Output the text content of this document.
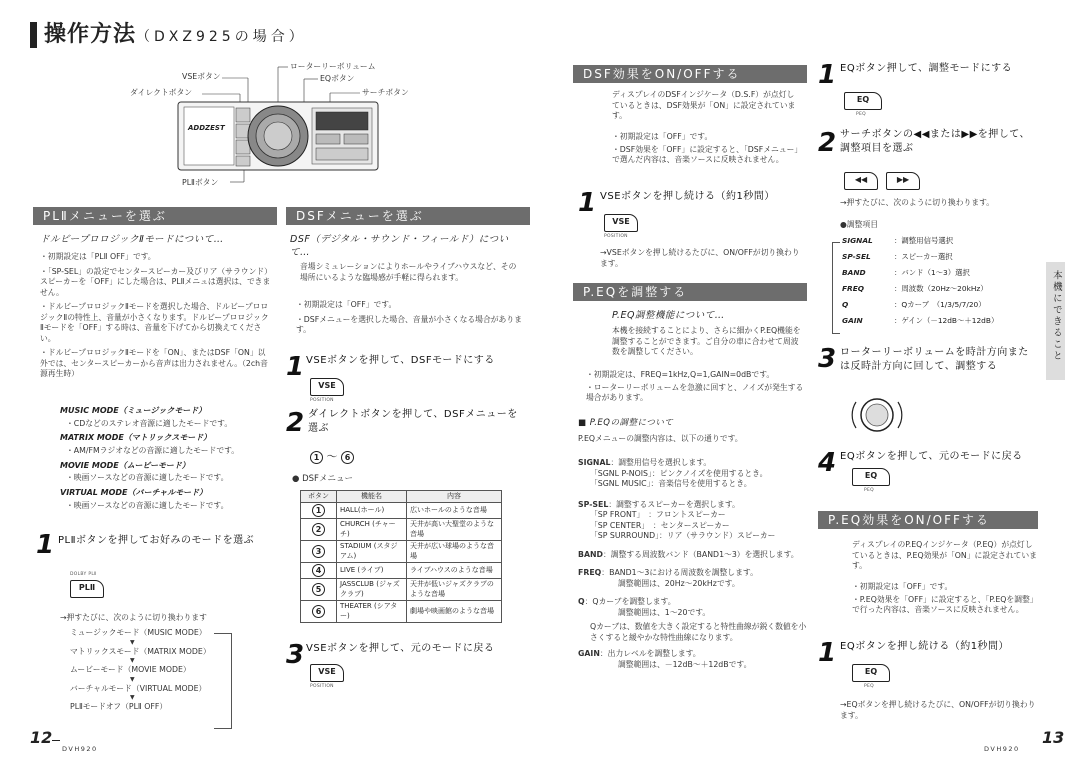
操作方法（DXZ925の場合）
VSEボタン
ダイレクトボタン
ローターリーボリューム
EQボタン
サーチボタン
PLⅡボタン
ADDZEST
PLⅡメニューを選ぶ
ドルビープロロジックⅡモードについて…
・初期設定は「PLⅡ OFF」です。
・「SP-SEL」の設定でセンタースピーカー及びリア（サラウンド）スピーカーを「OFF」にした場合は、PLⅡメニュは選択は、できません。
・ドルビープロロジックⅡモードを選択した場合、ドルビープロロジックⅡの特性上、音量が小さくなります。ドルビープロロジックⅡモードを「OFF」する時は、音量を下げてから切換えてください。
・ドルビープロロジックⅡモードを「ON」、またはDSF「ON」以外では、センタースピーカーから音声は出力されません。（2ch音源再生時）
MUSIC MODE（ミュージックモード）
・CDなどのステレオ音源に適したモードです。
MATRIX MODE（マトリックスモード）
・AM/FMラジオなどの音源に適したモードです。
MOVIE MODE（ムービーモード）
・映画ソースなどの音源に適したモードです。
VIRTUAL MODE（バーチャルモード）
・映画ソースなどの音源に適したモードです。
1 PLⅡボタンを押してお好みのモードを選ぶ
DOLBY PLⅡ
PLⅡ
→押すたびに、次のように切り換わります
ミュージックモード（MUSIC MODE）
▼
マトリックスモード（MATRIX MODE）
▼
ムービーモード（MOVIE MODE）
▼
バーチャルモード（VIRTUAL MODE）
▼
PLⅡモードオフ（PLⅡ OFF）
DSFメニューを選ぶ
DSF（デジタル・サウンド・フィールド）について…
音場シミュレーションによりホールやライブハウスなど、その場所にいるような臨場感が手軽に得られます。
・初期設定は「OFF」です。
・DSFメニューを選択した場合、音量が小さくなる場合があります。
1 VSEボタンを押して、DSFモードにする
VSE
POSITION
2 ダイレクトボタンを押して、DSFメニューを選ぶ
1 ～ 6
● DSFメニュー
ボタン	機能名	内容
1	HALL(ホール)	広いホールのような音場
2	CHURCH (チャーチ)	天井が高い大聖堂のような音場
3	STADIUM (スタジアム)	天井が広い球場のような音場
4	LIVE (ライブ)	ライブハウスのような音場
5	JASSCLUB (ジャズクラブ)	天井が低いジャズクラブのような音場
6	THEATER (シアター)	劇場や映画館のような音場
3 VSEボタンを押して、元のモードに戻る
VSE
POSITION
DSF効果をON/OFFする
ディスプレイのDSFインジケータ（D.S.F）が点灯しているときは、DSF効果が「ON」に設定されています。
・初期設定は「OFF」です。
・DSF効果を「OFF」に設定すると、「DSFメニュー」で選んだ内容は、音楽ソースに反映されません。
1 VSEボタンを押し続ける（約1秒間）
VSE
POSITION
→VSEボタンを押し続けるたびに、ON/OFFが切り換わります。
P.EQを調整する
P.EQ調整機能について…
本機を接続することにより、さらに細かくP.EQ機能を調整することができます。ご自分の車に合わせて周波数を調整してください。
・初期設定は、FREQ=1kHz,Q=1,GAIN=0dBです。
・ローターリーボリュームを急激に回すと、ノイズが発生する場合があります。
■ P.EQの調整について
P.EQメニューの調整内容は、以下の通りです。
SIGNAL：調整用信号を選択します。
「SGNL P-NOIS」：ピンクノイズを使用するとき。
「SGNL MUSIC」：音楽信号を使用するとき。
SP-SEL：調整するスピーカーを選択します。
「SP FRONT」　：フロントスピーカー
「SP CENTER」　：センタースピーカー
「SP SURROUND」：リア（サラウンド）スピーカー
BAND：調整する周波数バンド（BAND1～3）を選択します。
FREQ：BAND1～3における周波数を調整します。
調整範囲は、20Hz～20kHzです。
Q：Qカーブを調整します。
調整範囲は、1～20です。
Qカーブは、数値を大きく設定すると特性曲線が鋭く数値を小さくすると緩やかな特性曲線になります。
GAIN：出力レベルを調整します。
調整範囲は、－12dB～＋12dBです。
1 EQボタン押して、調整モードにする
EQ
PEQ
2 サーチボタンの◀◀または▶▶を押して、調整項目を選ぶ
◀◀	▶▶
→押すたびに、次のように切り換わります。
●調整項目
SIGNAL	：調整用信号選択
SP-SEL	：スピーカー選択
BAND	：バンド（1～3）選択
FREQ	：周波数（20Hz～20kHz）
Q	：Qカーブ　（1/3/5/7/20）
GAIN	：ゲイン（－12dB～＋12dB）
3 ローターリーボリュームを時計方向また は反時計方向に回して、調整する
4 EQボタンを押して、元のモードに戻る
EQ
PEQ
P.EQ効果をON/OFFする
ディスプレイのP.EQインジケータ（P.EQ）が点灯しているときは、P.EQ効果が「ON」に設定されています。
・初期設定は「OFF」です。
・P.EQ効果を「OFF」に設定すると、「P.EQを調整」で行った内容は、音楽ソースに反映されません。
1 EQボタンを押し続ける（約1秒間）
EQ
PEQ
→EQボタンを押し続けるたびに、ON/OFFが切り換わります。
本機にできること
12
DVH920	DVH920
13
